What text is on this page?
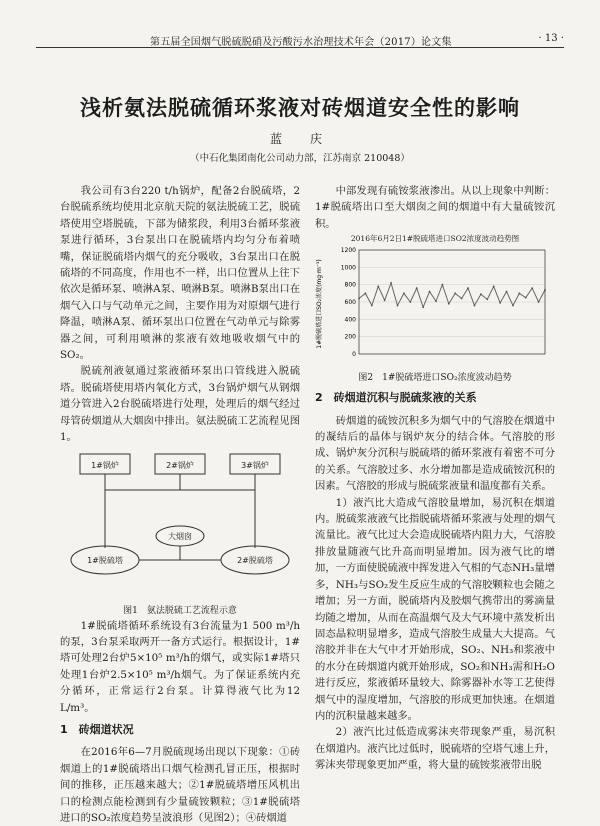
第五届全国烟气脱硫脱硝及污酸污水治理技术年会（2017）论文集	· 13 ·
浅析氨法脱硫循环浆液对砖烟道安全性的影响
蓝　庆
（中石化集团南化公司动力部，江苏南京 210048）

我公司有3台220 t/h锅炉，配备2台脱硫塔，2台脱硫系统均使用北京航天院的氨法脱硫工艺，脱硫塔使用空塔脱硫，下部为储浆段，利用3台循环浆液泵进行循环，3台泵出口在脱硫塔内均匀分布着喷嘴，保证脱硫塔内烟气的充分吸收，3台泵出口在脱硫塔的不同高度，作用也不一样，出口位置从上往下依次是循环泵、喷淋A泵、喷淋B泵。喷淋B泵出口在烟气入口与气动单元之间，主要作用为对原烟气进行降温，喷淋A泵、循环泵出口位置在气动单元与除雾器之间，可利用喷淋的浆液有效地吸收烟气中的SO₂。

脱硫剂液氨通过浆液循环泵出口管线进入脱硫塔。脱硫塔使用塔内氧化方式，3台锅炉烟气从钢烟道分管进入2台脱硫塔进行处理，处理后的烟气经过母管砖烟道从大烟囱中排出。氨法脱硫工艺流程见图1。

1#锅炉	2#锅炉	3#锅炉
大烟囱
1#脱硫塔	2#脱硫塔
图1　氨法脱硫工艺流程示意

1#脱硫塔循环系统设有3台流量为1 500 m³/h的泵，3台泵采取两开一备方式运行。根据设计，1#塔可处理2台炉5×10⁵ m³/h的烟气，或实际1#塔只处理1台炉2.5×10⁵ m³/h烟气。为了保证系统内充分循环，正常运行2台泵。计算得液气比为12 L/m³。

1　砖烟道状况

在2016年6—7月脱硫现场出现以下现象：①砖烟道上的1#脱硫塔出口烟气检测孔冒正压，根据时间的推移，正压越来越大；②1#脱硫塔增压风机出口的检测点能检测到有少量硫铵颗粒；③1#脱硫塔进口的SO₂浓度趋势呈波浪形（见图2）；④砖烟道

中部发现有硫铵浆液渗出。从以上现象中判断：1#脱硫塔出口至大烟囱之间的烟道中有大量硫铵沉积。

2016年6月2日1#脱硫塔进口SO2浓度波动趋势图
1#脱硫塔进口SO₂浓度(mg·m⁻³)
0
200
400
600
800
1000
1200
图2　1#脱硫塔进口SO₂浓度波动趋势
2　砖烟道沉积与脱硫浆液的关系

砖烟道的硫铵沉积多为烟气中的气溶胶在烟道中的凝结后的晶体与锅炉灰分的结合体。气溶胶的形成、锅炉灰分沉积与脱硫塔的循环浆液有着密不可分的关系。气溶胶过多、水分增加都是造成硫铵沉积的因素。气溶胶的形成与脱硫浆液量和温度都有关系。

1）液汽比大造成气溶胶量增加，易沉积在烟道内。脱硫浆液液气比指脱硫塔循环浆液与处理的烟气流量比。液气比过大会造成脱硫塔内阻力大，气溶胶排放量随液气比升高而明显增加。因为液气比的增加，一方面使脱硫液中挥发进入气相的气态NH₃量增多，NH₃与SO₂发生反应生成的气溶胶颗粒也会随之增加；另一方面，脱硫塔内及胶烟气携带出的雾滴量均随之增加，从而在高温烟气及大气环境中蒸发析出固态晶粒明显增多，造成气溶胶生成量大大提高。气溶胶并非在大气中才开始形成，SO₂、NH₃和浆液中的水分在砖烟道内就开始形成，SO₂和NH₃需和H₂O进行反应，浆液循环量较大、除雾器补水等工艺使得烟气中的湿度增加，气溶胶的形成更加快速。在烟道内的沉积量越来越多。

2）液汽比过低造成雾沫夹带现象严重，易沉积在烟道内。液汽比过低时，脱硫塔的空塔气速上升，雾沫夹带现象更加严重，将大量的硫铵浆液带出脱
